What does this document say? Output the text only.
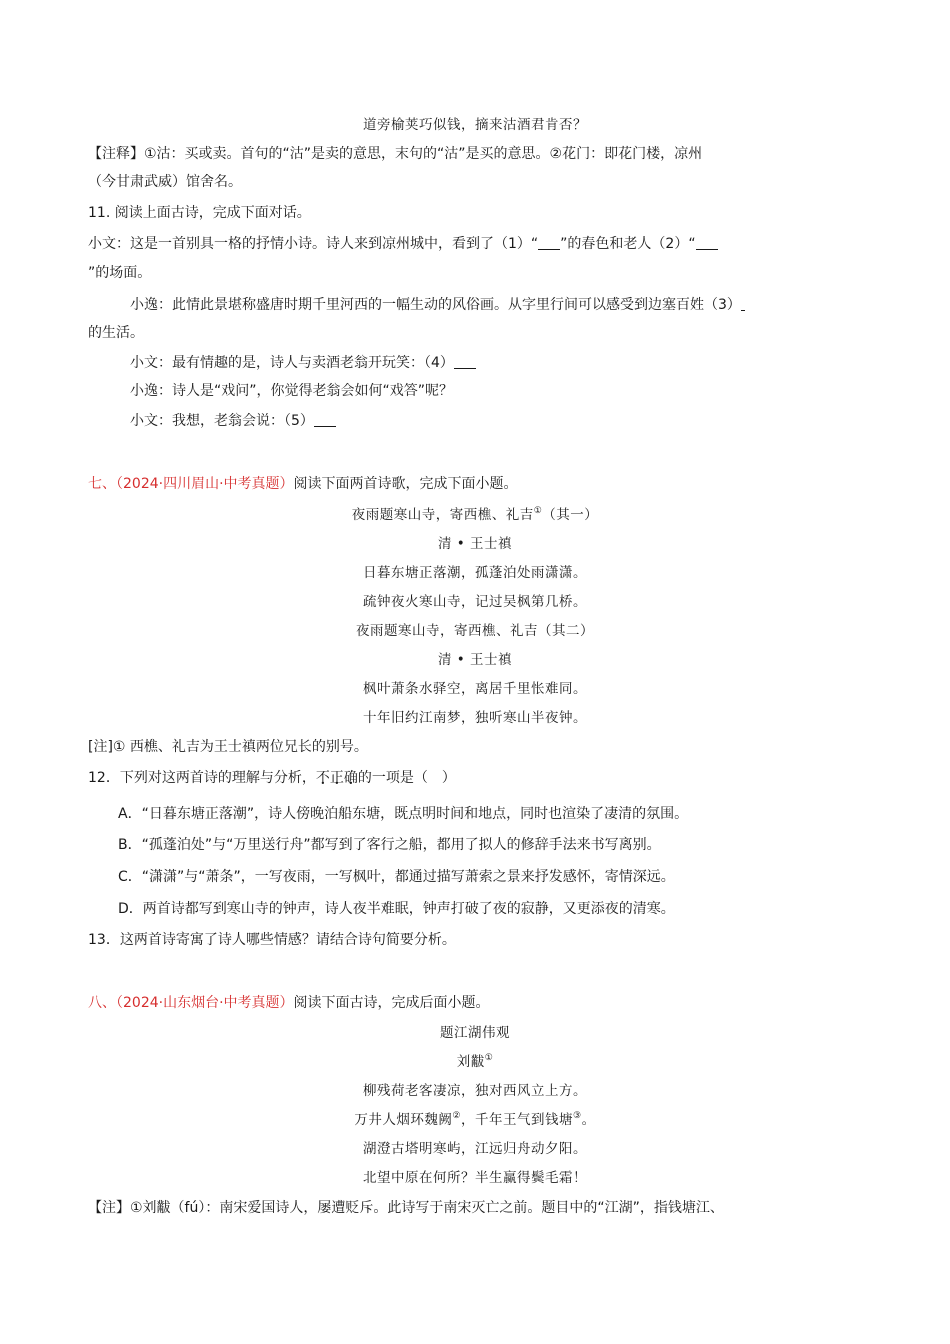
道旁榆荚巧似钱，摘来沽酒君肯否？
【注释】①沽：买或卖。首句的“沽”是卖的意思，末句的“沽”是买的意思。②花门：即花门楼，凉州
（今甘肃武威）馆舍名。
11. 阅读上面古诗，完成下面对话。
小文：这是一首别具一格的抒情小诗。诗人来到凉州城中，看到了（1）“ ”的春色和老人（2）“
”的场面。
小逸：此情此景堪称盛唐时期千里河西的一幅生动的风俗画。从字里行间可以感受到边塞百姓（3）
的生活。
小文：最有情趣的是，诗人与卖酒老翁开玩笑：（4）
小逸：诗人是“戏问”，你觉得老翁会如何“戏答”呢？
小文：我想，老翁会说：（5）
七、（2024·四川眉山·中考真题）阅读下面两首诗歌，完成下面小题。
夜雨题寒山寺，寄西樵、礼吉①（其一）
清 • 王士禛
日暮东塘正落潮，孤蓬泊处雨潇潇。
疏钟夜火寒山寺，记过吴枫第几桥。
夜雨题寒山寺，寄西樵、礼吉（其二）
清 • 王士禛
枫叶萧条水驿空，离居千里怅难同。
十年旧约江南梦，独听寒山半夜钟。
[注]① 西樵、礼吉为王士禛两位兄长的别号。
12．下列对这两首诗的理解与分析，不正确的一项是（　）
A．“日暮东塘正落潮”，诗人傍晚泊船东塘，既点明时间和地点，同时也渲染了凄清的氛围。
B．“孤蓬泊处”与“万里送行舟”都写到了客行之船，都用了拟人的修辞手法来书写离别。
C．“潇潇”与“萧条”，一写夜雨，一写枫叶，都通过描写萧索之景来抒发感怀，寄情深远。
D．两首诗都写到寒山寺的钟声，诗人夜半难眠，钟声打破了夜的寂静，又更添夜的清寒。
13．这两首诗寄寓了诗人哪些情感？请结合诗句简要分析。
八、（2024·山东烟台·中考真题）阅读下面古诗，完成后面小题。
题江湖伟观
刘黻①
柳残荷老客凄凉，独对西风立上方。
万井人烟环魏阙②，千年王气到钱塘③。
湖澄古塔明寒屿，江远归舟动夕阳。
北望中原在何所？半生赢得鬓毛霜！
【注】①刘黻（fú）：南宋爱国诗人，屡遭贬斥。此诗写于南宋灭亡之前。题目中的“江湖”，指钱塘江、
